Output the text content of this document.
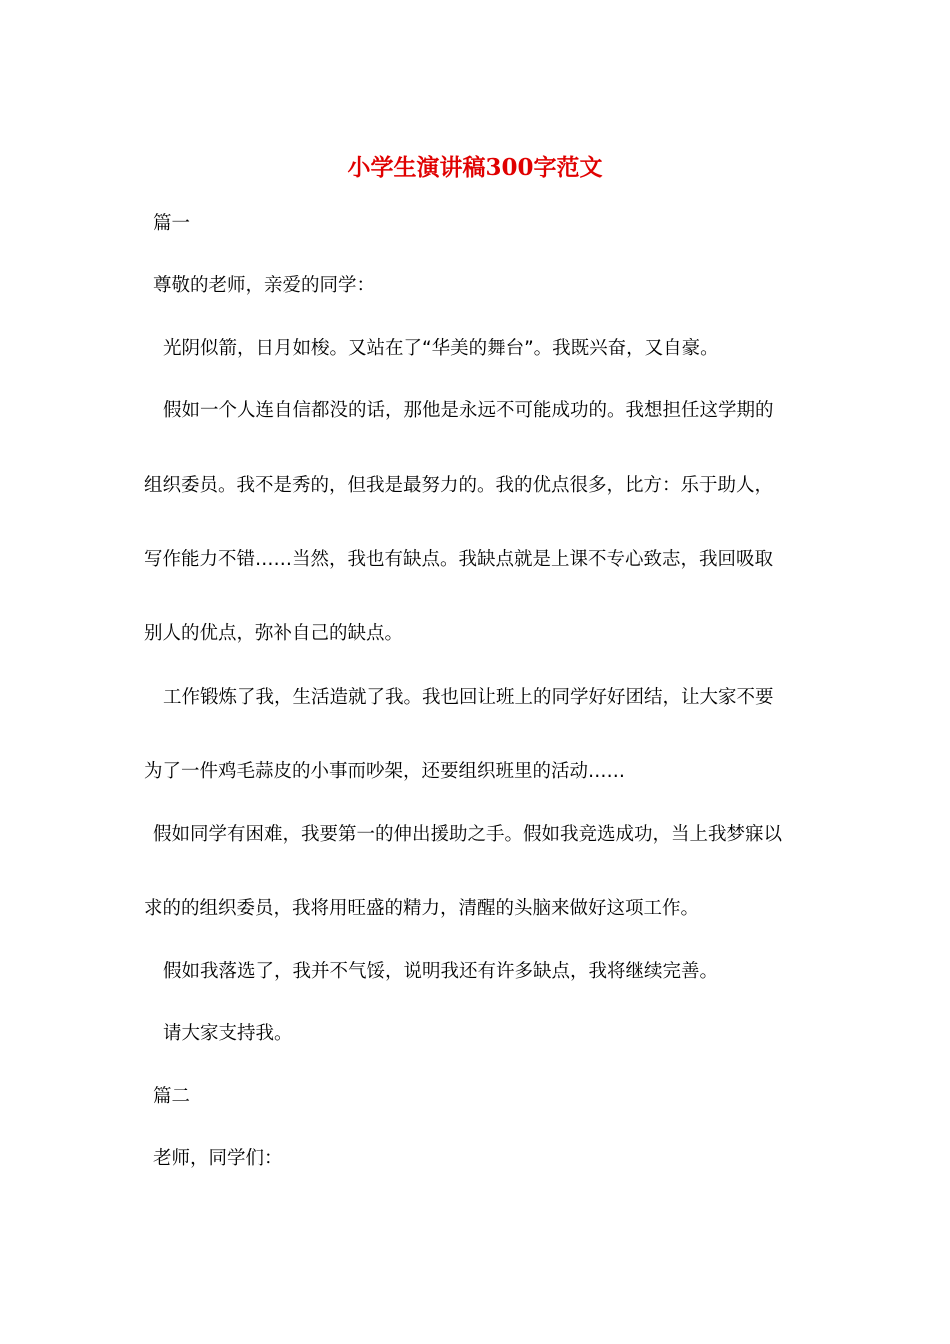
小学生演讲稿300字范文
篇一
尊敬的老师，亲爱的同学：
光阴似箭，日月如梭。又站在了“华美的舞台”。我既兴奋，又自豪。
假如一个人连自信都没的话，那他是永远不可能成功的。我想担任这学期的
组织委员。我不是秀的，但我是最努力的。我的优点很多，比方：乐于助人，
写作能力不错……当然，我也有缺点。我缺点就是上课不专心致志，我回吸取
别人的优点，弥补自己的缺点。
工作锻炼了我，生活造就了我。我也回让班上的同学好好团结，让大家不要
为了一件鸡毛蒜皮的小事而吵架，还要组织班里的活动……
假如同学有困难，我要第一的伸出援助之手。假如我竞选成功，当上我梦寐以
求的的组织委员，我将用旺盛的精力，清醒的头脑来做好这项工作。
假如我落选了，我并不气馁，说明我还有许多缺点，我将继续完善。
请大家支持我。
篇二
老师，同学们：
